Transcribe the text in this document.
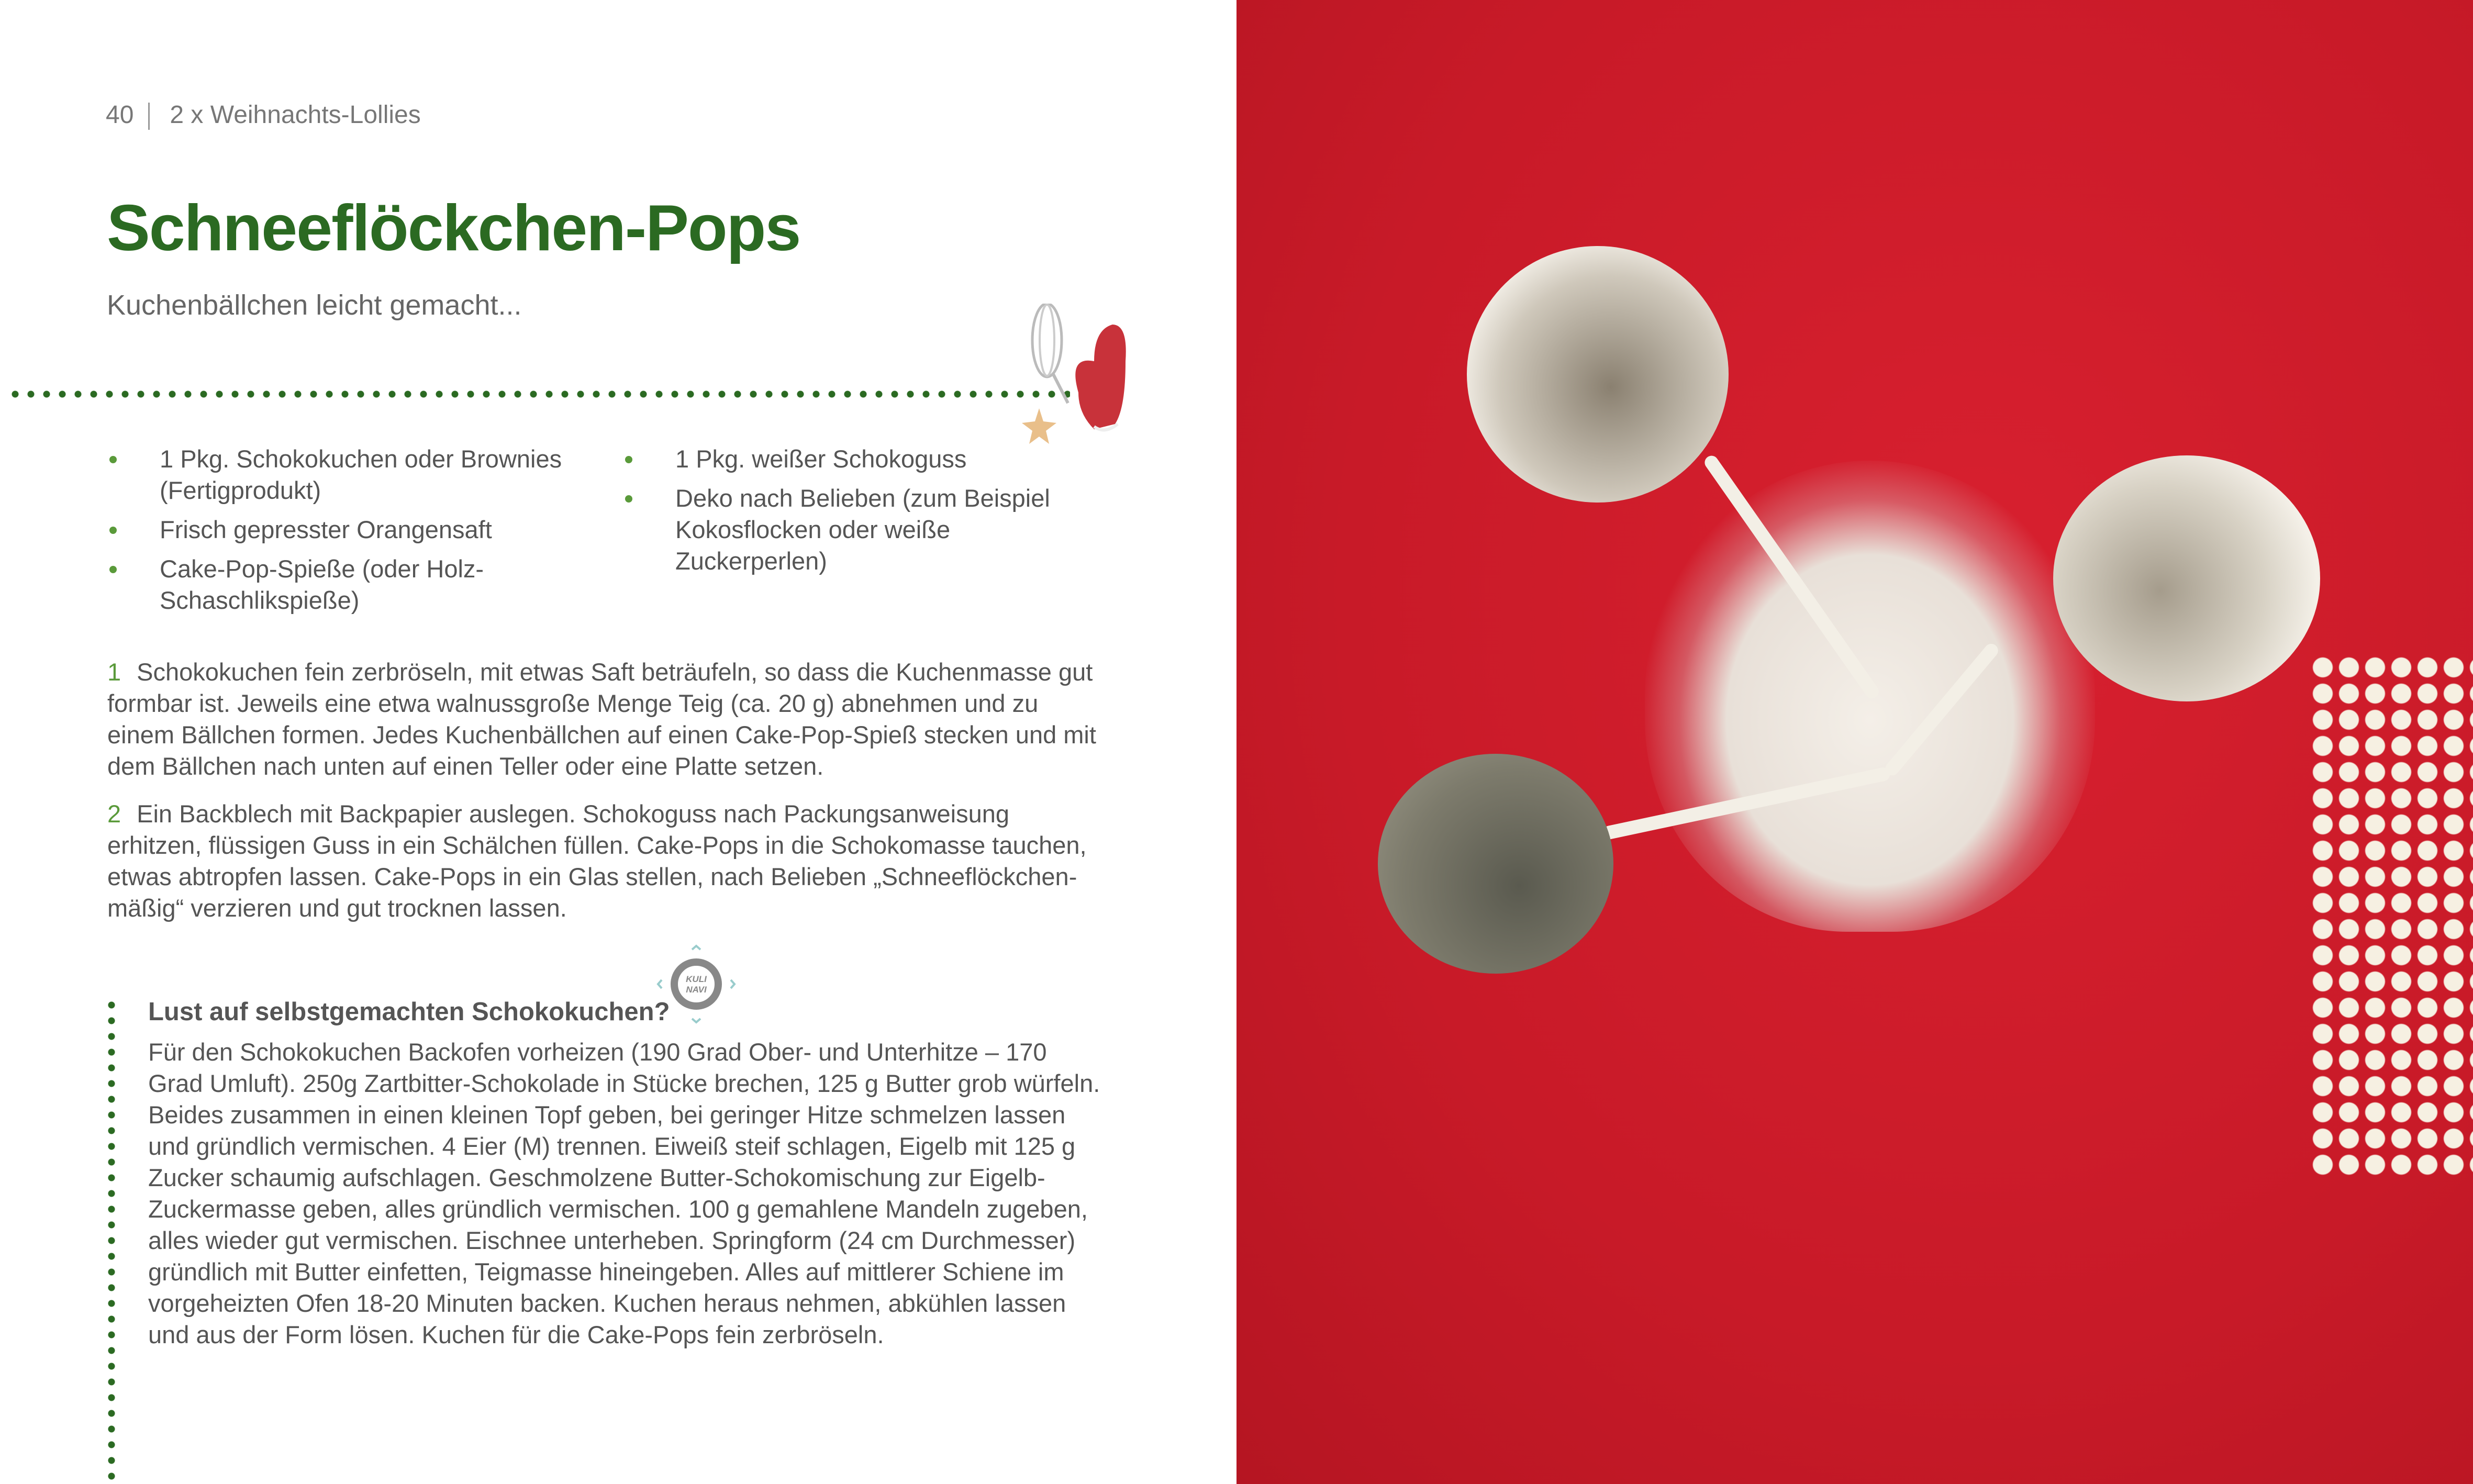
40 2 x Weihnachts-Lollies
Schneeflöckchen-Pops
Kuchenbällchen leicht gemacht...
1 Pkg. Schokokuchen oder Brownies (Fertigprodukt)
Frisch gepresster Orangensaft
Cake-Pop-Spieße (oder Holz-Schaschlikspieße)
1 Pkg. weißer Schokoguss
Deko nach Belieben (zum Beispiel Kokosflocken oder weiße Zuckerperlen)
1 Schokokuchen fein zerbröseln, mit etwas Saft beträufeln, so dass die Kuchenmasse gut formbar ist. Jeweils eine etwa walnussgroße Menge Teig (ca. 20 g) abnehmen und zu einem Bällchen formen. Jedes Kuchenbällchen auf einen Cake-Pop-Spieß stecken und mit dem Bällchen nach unten auf einen Teller oder eine Platte setzen.
2 Ein Backblech mit Backpapier auslegen. Schokoguss nach Packungsanweisung erhitzen, flüssigen Guss in ein Schälchen füllen. Cake-Pops in die Schokomasse tauchen, etwas abtropfen lassen. Cake-Pops in ein Glas stellen, nach Belieben „Schneeflöckchen-mäßig“ verzieren und gut trocknen lassen.
KULI
NAVI
Lust auf selbstgemachten Schokokuchen?
Für den Schokokuchen Backofen vorheizen (190 Grad Ober- und Unterhitze – 170 Grad Umluft). 250g Zartbitter-Schokolade in Stücke brechen, 125 g Butter grob würfeln. Beides zusammen in einen kleinen Topf geben, bei geringer Hitze schmelzen lassen und gründlich vermischen. 4 Eier (M) trennen. Eiweiß steif schlagen, Eigelb mit 125 g Zucker schaumig aufschlagen. Geschmolzene Butter-Schokomischung zur Eigelb-Zuckermasse geben, alles gründlich vermischen. 100 g gemahlene Mandeln zugeben, alles wieder gut vermischen. Eischnee unterheben. Springform (24 cm Durchmesser) gründlich mit Butter einfetten, Teigmasse hineingeben. Alles auf mittlerer Schiene im vorgeheizten Ofen 18-20 Minuten backen. Kuchen heraus nehmen, abkühlen lassen und aus der Form lösen. Kuchen für die Cake-Pops fein zerbröseln.
